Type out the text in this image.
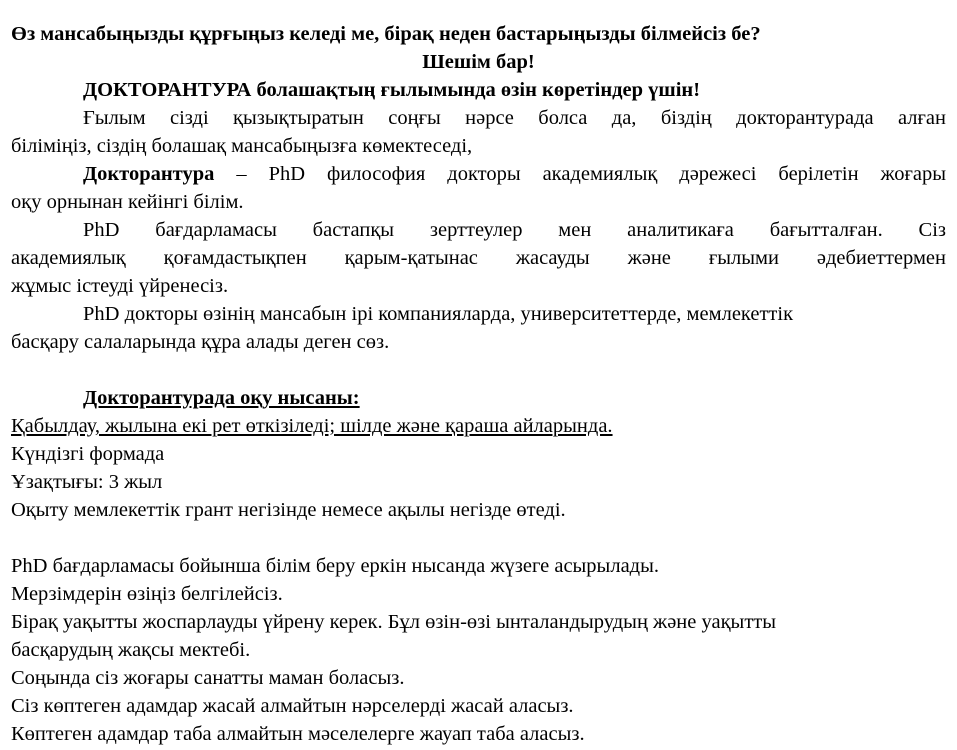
Өз мансабыңызды құрғыңыз келеді ме, бірақ неден бастарыңызды білмейсіз бе?
Шешім бар!
ДОКТОРАНТУРА болашақтың ғылымында өзін көретіндер үшін!
Ғылым сізді қызықтыратын соңғы нәрсе болса да, біздің докторантурада алған
біліміңіз, сіздің болашақ мансабыңызға көмектеседі,
Докторантура – PhD философия докторы академиялық дәрежесі берілетін жоғары
оқу орнынан кейінгі білім.
PhD бағдарламасы бастапқы зерттеулер мен аналитикаға бағытталған. Сіз
академиялық қоғамдастықпен қарым-қатынас жасауды және ғылыми әдебиеттермен
жұмыс істеуді үйренесіз.
PhD докторы өзінің мансабын ірі компанияларда, университеттерде, мемлекеттік
басқару салаларында құра алады деген сөз.
Докторантурада оқу нысаны:
Қабылдау, жылына екі рет өткізіледі; шілде және қараша айларында.
Күндізгі формада
Ұзақтығы: 3 жыл
Оқыту мемлекеттік грант негізінде немесе ақылы негізде өтеді.
PhD бағдарламасы бойынша білім беру еркін нысанда жүзеге асырылады.
Мерзімдерін өзіңіз белгілейсіз.
Бірақ уақытты жоспарлауды үйрену керек. Бұл өзін-өзі ынталандырудың және уақытты
басқарудың жақсы мектебі.
Соңында сіз жоғары санатты маман боласыз.
Сіз көптеген адамдар жасай алмайтын нәрселерді жасай аласыз.
Көптеген адамдар таба алмайтын мәселелерге жауап таба аласыз.
